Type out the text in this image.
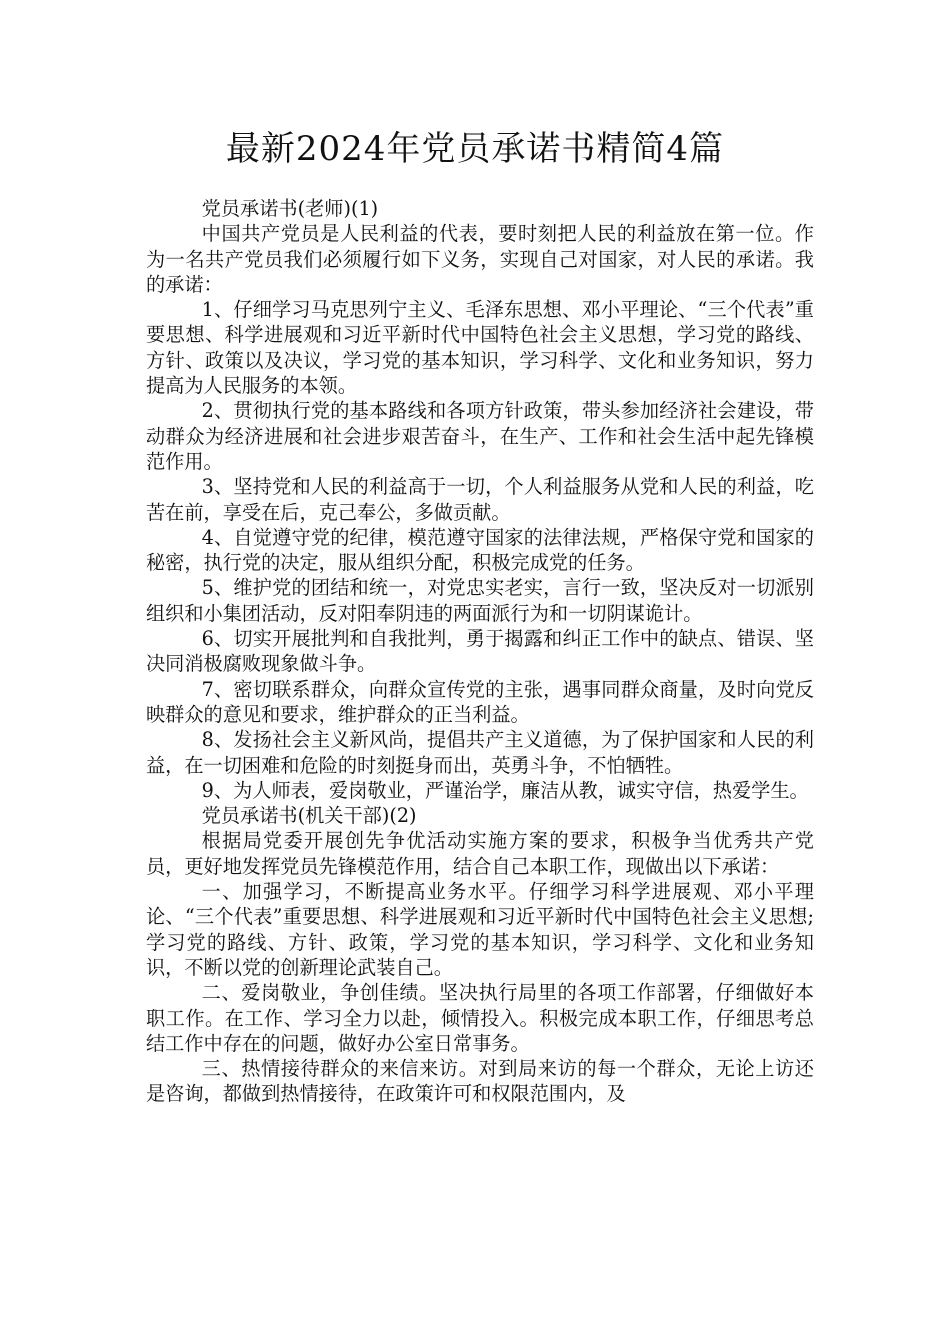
最新2024年党员承诺书精简4篇

党员承诺书(老师)(1)

中国共产党员是人民利益的代表，要时刻把人民的利益放在第一位。作为一名共产党员我们必须履行如下义务，实现自己对国家，对人民的承诺。我的承诺：

1、仔细学习马克思列宁主义、毛泽东思想、邓小平理论、“三个代表”重要思想、科学进展观和习近平新时代中国特色社会主义思想，学习党的路线、方针、政策以及决议，学习党的基本知识，学习科学、文化和业务知识，努力提高为人民服务的本领。

2、贯彻执行党的基本路线和各项方针政策，带头参加经济社会建设，带动群众为经济进展和社会进步艰苦奋斗，在生产、工作和社会生活中起先锋模范作用。

3、坚持党和人民的利益高于一切，个人利益服务从党和人民的利益，吃苦在前，享受在后，克己奉公，多做贡献。

4、自觉遵守党的纪律，模范遵守国家的法律法规，严格保守党和国家的秘密，执行党的决定，服从组织分配，积极完成党的任务。

5、维护党的团结和统一，对党忠实老实，言行一致，坚决反对一切派别组织和小集团活动，反对阳奉阴违的两面派行为和一切阴谋诡计。

6、切实开展批判和自我批判，勇于揭露和纠正工作中的缺点、错误、坚决同消极腐败现象做斗争。

7、密切联系群众，向群众宣传党的主张，遇事同群众商量，及时向党反映群众的意见和要求，维护群众的正当利益。

8、发扬社会主义新风尚，提倡共产主义道德，为了保护国家和人民的利益，在一切困难和危险的时刻挺身而出，英勇斗争，不怕牺牲。

9、为人师表，爱岗敬业，严谨治学，廉洁从教，诚实守信，热爱学生。

党员承诺书(机关干部)(2)

根据局党委开展创先争优活动实施方案的要求，积极争当优秀共产党员，更好地发挥党员先锋模范作用，结合自己本职工作，现做出以下承诺：

一、加强学习，不断提高业务水平。仔细学习科学进展观、邓小平理论、“三个代表”重要思想、科学进展观和习近平新时代中国特色社会主义思想;学习党的路线、方针、政策，学习党的基本知识，学习科学、文化和业务知识，不断以党的创新理论武装自己。

二、爱岗敬业，争创佳绩。坚决执行局里的各项工作部署，仔细做好本职工作。在工作、学习全力以赴，倾情投入。积极完成本职工作，仔细思考总结工作中存在的问题，做好办公室日常事务。

三、热情接待群众的来信来访。对到局来访的每一个群众，无论上访还是咨询，都做到热情接待，在政策许可和权限范围内，及
